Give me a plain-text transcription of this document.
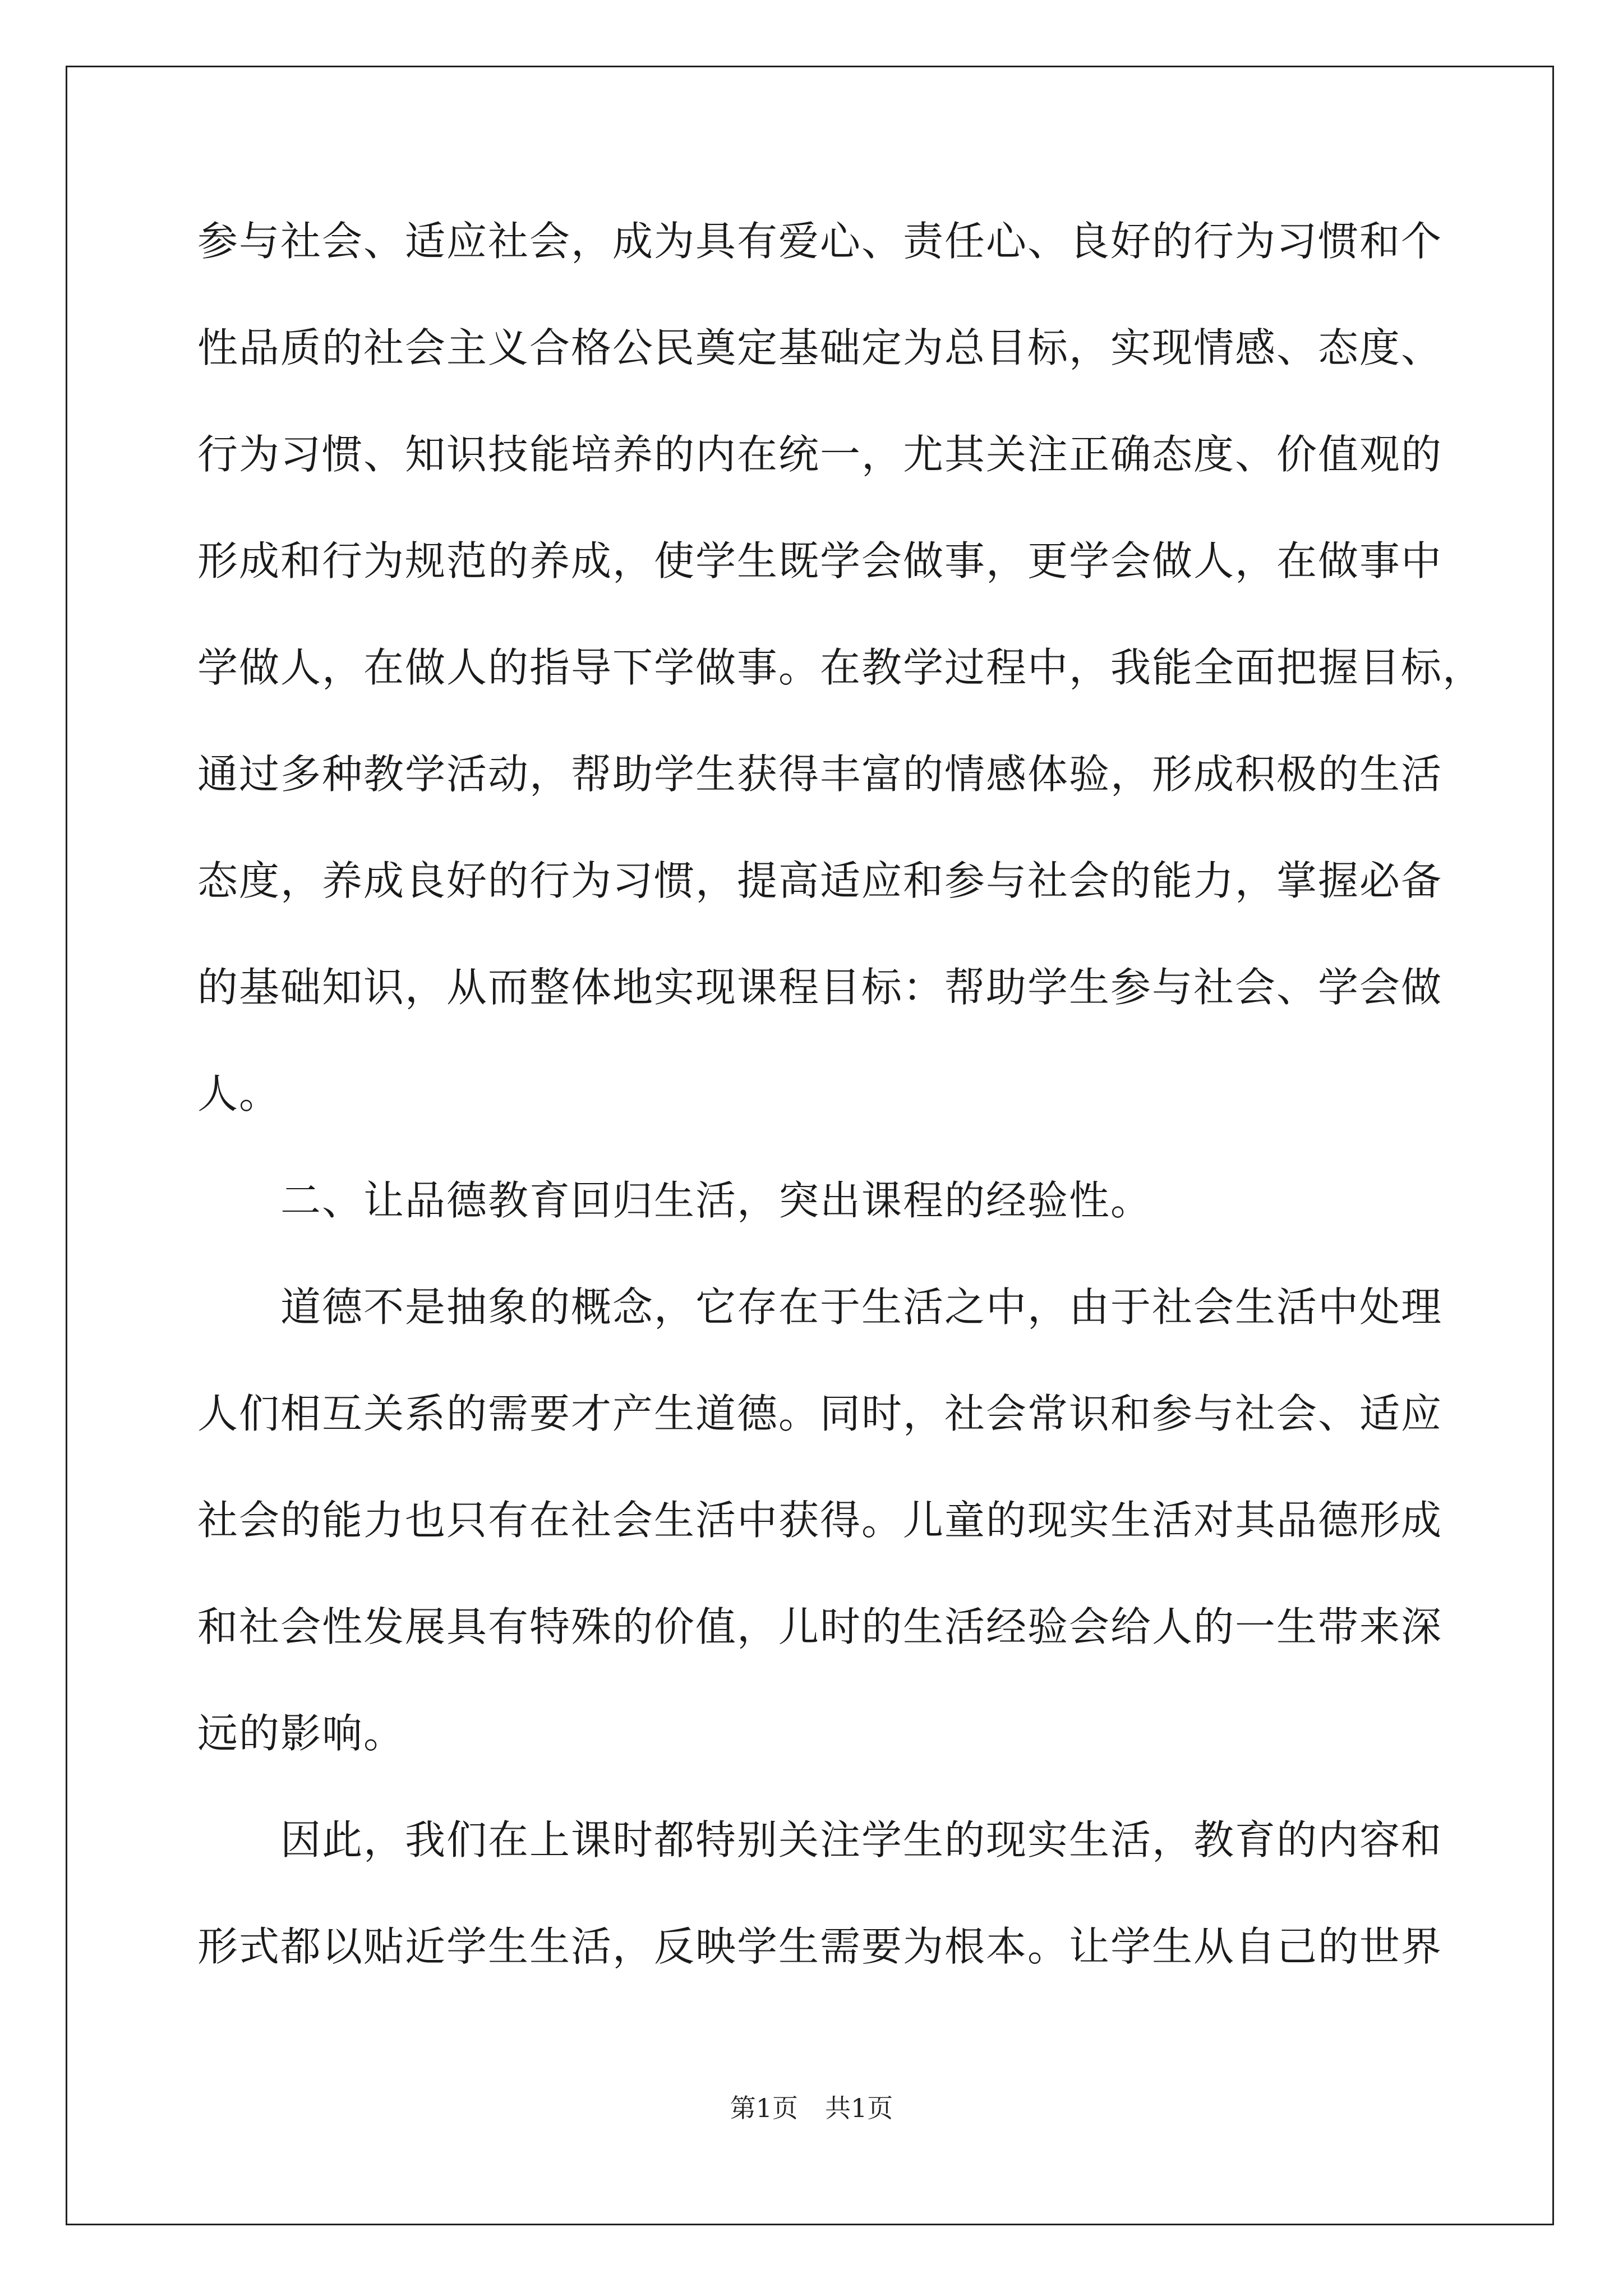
参与社会、适应社会，成为具有爱心、责任心、良好的行为习惯和个
性品质的社会主义合格公民奠定基础定为总目标，实现情感、态度、
行为习惯、知识技能培养的内在统一，尤其关注正确态度、价值观的
形成和行为规范的养成，使学生既学会做事，更学会做人，在做事中
学做人，在做人的指导下学做事。在教学过程中，我能全面把握目标，
通过多种教学活动，帮助学生获得丰富的情感体验，形成积极的生活
态度，养成良好的行为习惯，提高适应和参与社会的能力，掌握必备
的基础知识，从而整体地实现课程目标：帮助学生参与社会、学会做
人。
二、让品德教育回归生活，突出课程的经验性。
道德不是抽象的概念，它存在于生活之中，由于社会生活中处理
人们相互关系的需要才产生道德。同时，社会常识和参与社会、适应
社会的能力也只有在社会生活中获得。儿童的现实生活对其品德形成
和社会性发展具有特殊的价值，儿时的生活经验会给人的一生带来深
远的影响。
因此，我们在上课时都特别关注学生的现实生活，教育的内容和
形式都以贴近学生生活，反映学生需要为根本。让学生从自己的世界
第1页 共1页
